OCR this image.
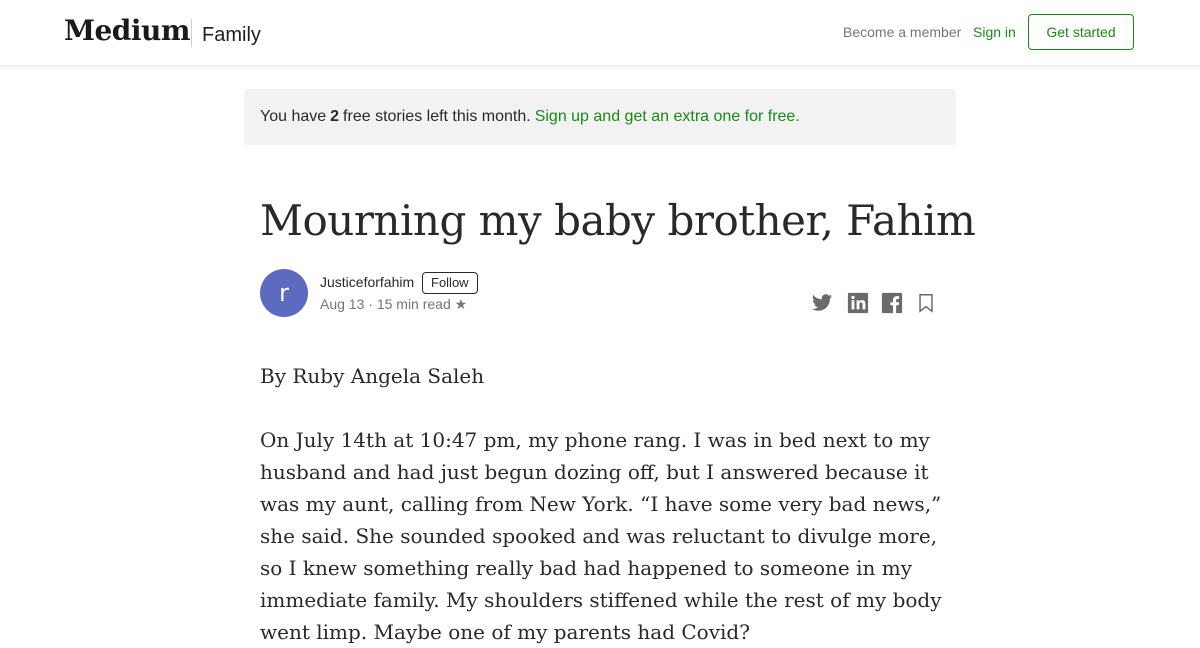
Medium Family	Become a member Sign in	Get started
You have 2 free stories left this month. Sign up and get an extra one for free.
Mourning my baby brother, Fahim
r	Justiceforfahim	Follow
Aug 13 · 15 min read ★

By Ruby Angela Saleh

On July 14th at 10:47 pm, my phone rang. I was in bed next to my husband and had just begun dozing off, but I answered because it was my aunt, calling from New York. “I have some very bad news,” she said. She sounded spooked and was reluctant to divulge more, so I knew something really bad had happened to someone in my immediate family. My shoulders stiffened while the rest of my body went limp. Maybe one of my parents had Covid?
